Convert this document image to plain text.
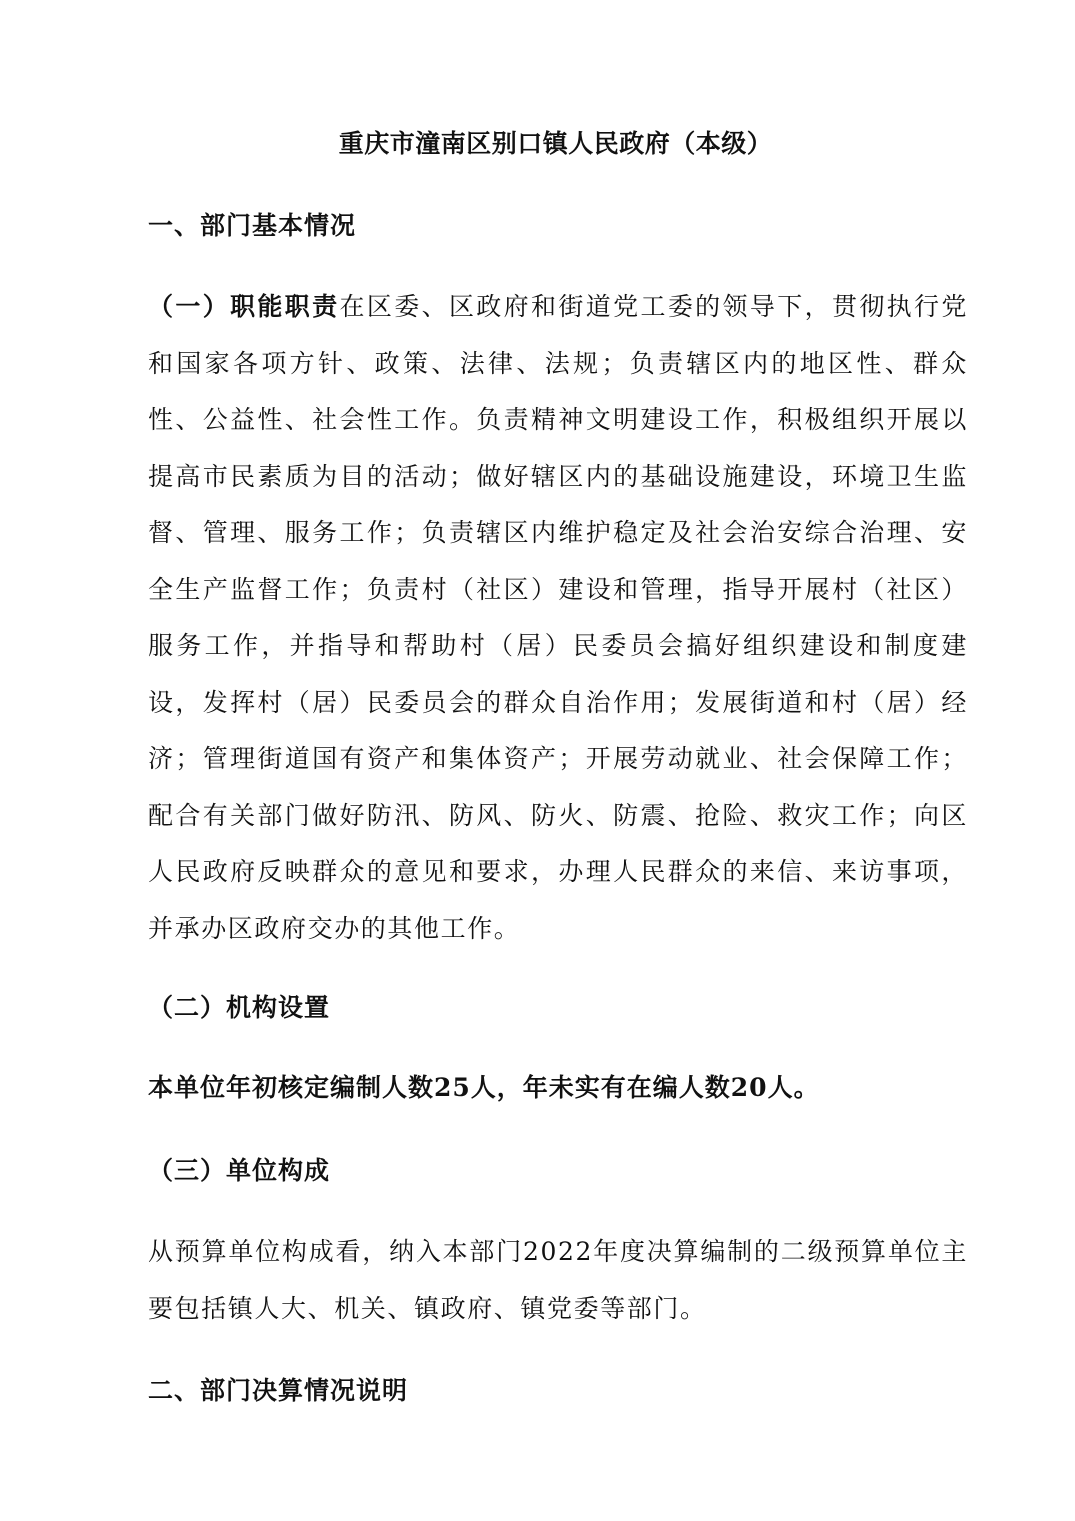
重庆市潼南区别口镇人民政府（本级）
一、部门基本情况

（一）职能职责在区委、区政府和街道党工委的领导下，贯彻执行党和国家各项方针、政策、法律、法规；负责辖区内的地区性、群众性、公益性、社会性工作。负责精神文明建设工作，积极组织开展以提高市民素质为目的活动；做好辖区内的基础设施建设，环境卫生监督、管理、服务工作；负责辖区内维护稳定及社会治安综合治理、安全生产监督工作；负责村（社区）建设和管理，指导开展村（社区）服务工作，并指导和帮助村（居）民委员会搞好组织建设和制度建设，发挥村（居）民委员会的群众自治作用；发展街道和村（居）经济；管理街道国有资产和集体资产；开展劳动就业、社会保障工作；配合有关部门做好防汛、防风、防火、防震、抢险、救灾工作；向区人民政府反映群众的意见和要求，办理人民群众的来信、来访事项，并承办区政府交办的其他工作。

（二）机构设置
本单位年初核定编制人数25人，年未实有在编人数20人。
（三）单位构成

从预算单位构成看，纳入本部门2022年度决算编制的二级预算单位主要包括镇人大、机关、镇政府、镇党委等部门。

二、部门决算情况说明
